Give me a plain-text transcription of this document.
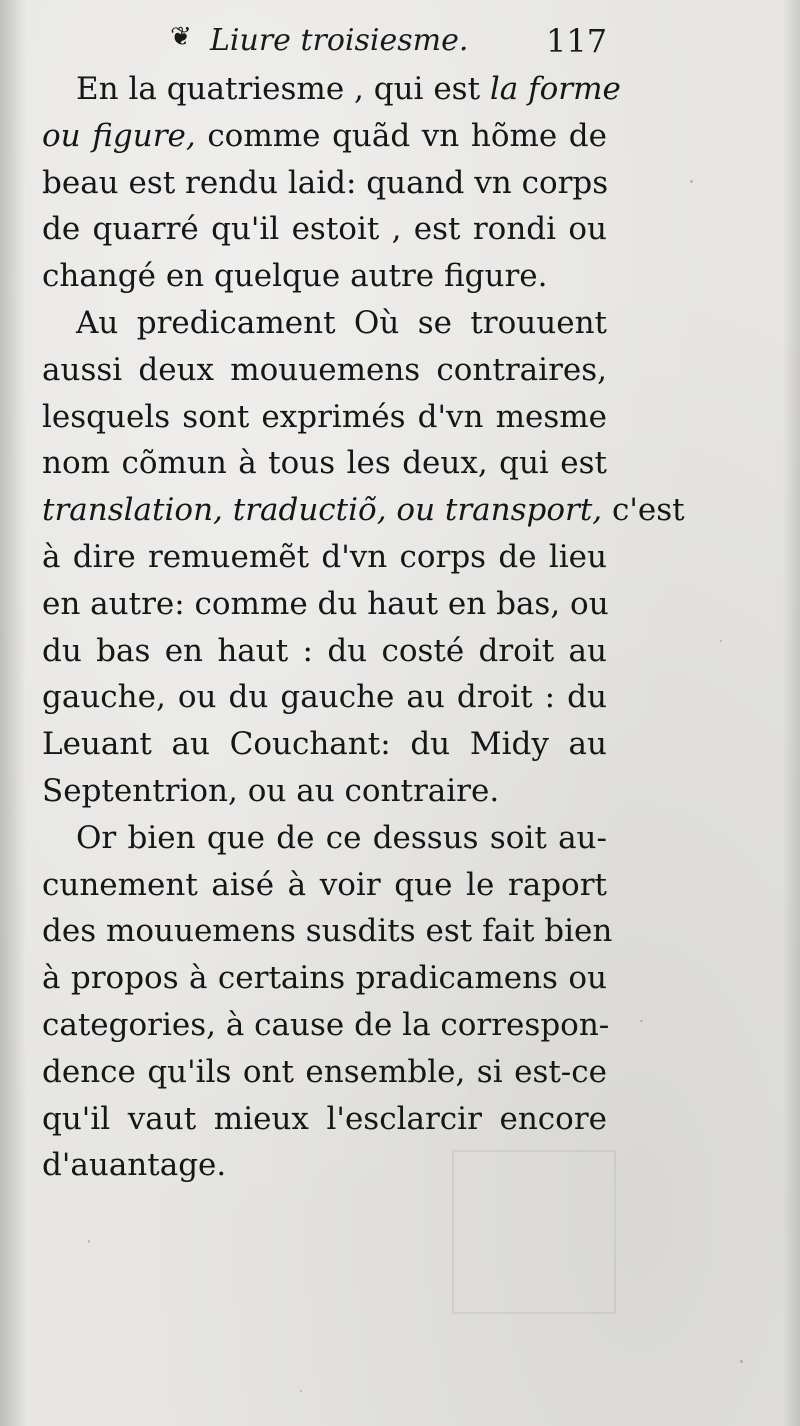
❦ Liure troisiesme. 117
En la quatriesme , qui est la forme
ou figure, comme quãd vn hõme de
beau est rendu laid: quand vn corps
de quarré qu'il estoit , est rondi ou
changé en quelque autre figure.
Au predicament Où se trouuent
aussi deux mouuemens contraires,
lesquels sont exprimés d'vn mesme
nom cõmun à tous les deux, qui est
translation, traductiõ, ou transport, c'est
à dire remuemẽt d'vn corps de lieu
en autre: comme du haut en bas, ou
du bas en haut : du costé droit au
gauche, ou du gauche au droit : du
Leuant au Couchant: du Midy au
Septentrion, ou au contraire.
Or bien que de ce dessus soit au-
cunement aisé à voir que le raport
des mouuemens susdits est fait bien
à propos à certains pradicamens ou
categories, à cause de la correspon-
dence qu'ils ont ensemble, si est-ce
qu'il vaut mieux l'esclarcir encore
d'auantage.
